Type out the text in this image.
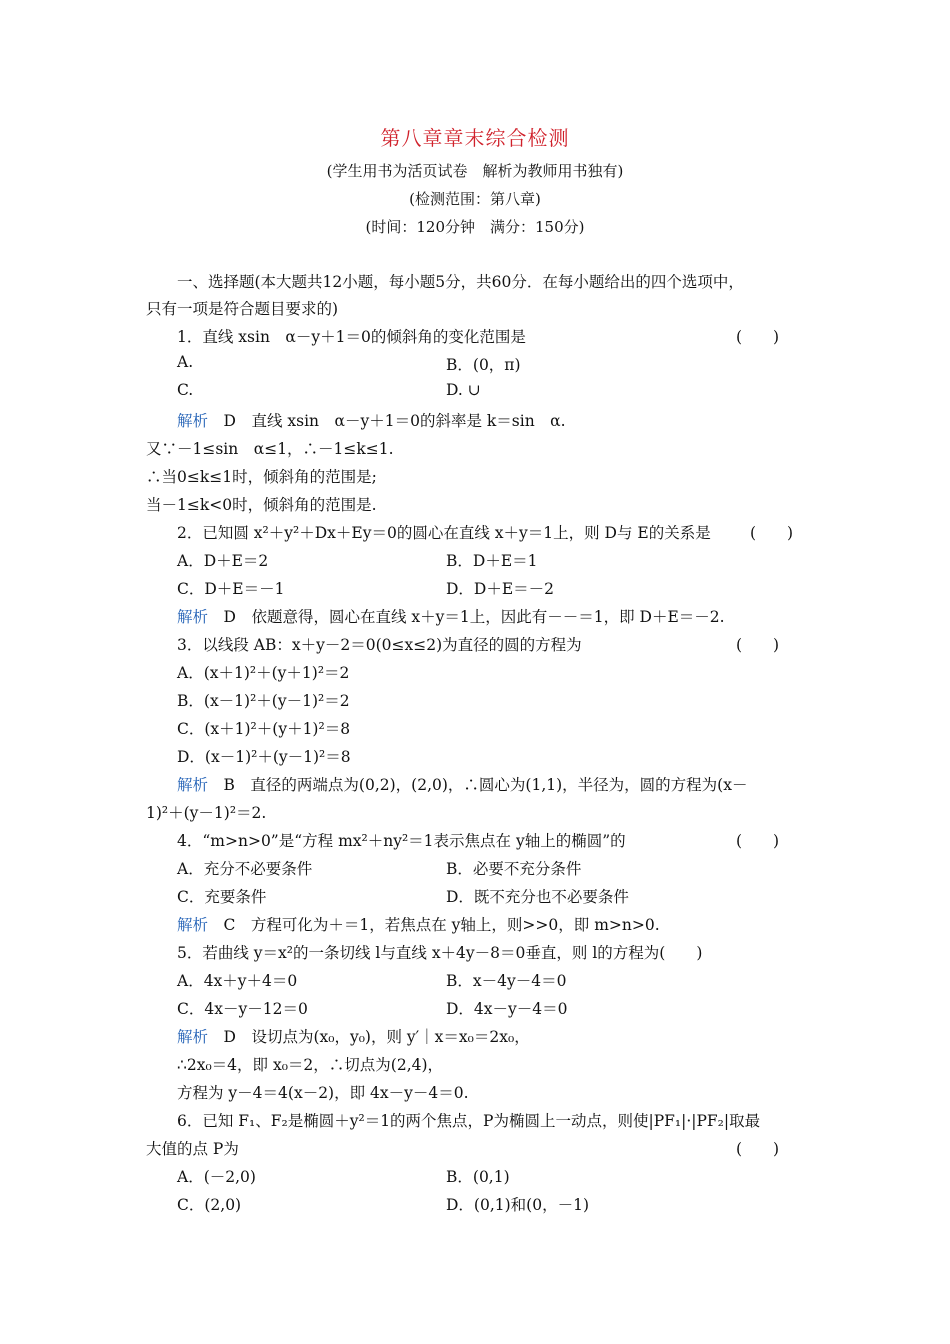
第八章章末综合检测
(学生用书为活页试卷　解析为教师用书独有)
(检测范围：第八章)
(时间：120分钟　满分：150分)
一、选择题(本大题共12小题，每小题5分，共60分．在每小题给出的四个选项中，
只有一项是符合题目要求的)
1．直线 xsin　α－y＋1＝0的倾斜角的变化范围是	(　　)
A.	B．(0，π)
C.	D. ∪
解析　 D　直线 xsin　α－y＋1＝0的斜率是 k＝sin　α.
又∵－1≤sin　α≤1，∴－1≤k≤1.
∴当0≤k≤1时，倾斜角的范围是;
当－1≤k<0时，倾斜角的范围是.
2．已知圆 x²＋y²＋Dx＋Ey＝0的圆心在直线 x＋y＝1上，则 D与 E的关系是	(　　)
A．D＋E＝2	B．D＋E＝1
C．D＋E＝－1	D．D＋E＝－2
解析　 D　依题意得，圆心在直线 x＋y＝1上，因此有－－＝1，即 D＋E＝－2.
3．以线段 AB：x＋y－2＝0(0≤x≤2)为直径的圆的方程为	(　　)
A．(x＋1)²＋(y＋1)²＝2
B．(x－1)²＋(y－1)²＝2
C．(x＋1)²＋(y＋1)²＝8
D．(x－1)²＋(y－1)²＝8
解析　 B　直径的两端点为(0,2)，(2,0)，∴圆心为(1,1)，半径为，圆的方程为(x－
1)²＋(y－1)²＝2.
4．“m>n>0”是“方程 mx²＋ny²＝1表示焦点在 y轴上的椭圆”的	(　　)
A．充分不必要条件	B．必要不充分条件
C．充要条件	D．既不充分也不必要条件
解析　 C　方程可化为＋＝1，若焦点在 y轴上，则>>0，即 m>n>0.
5．若曲线 y＝x²的一条切线 l与直线 x＋4y－8＝0垂直，则 l的方程为(　　)
A．4x＋y＋4＝0	B．x－4y－4＝0
C．4x－y－12＝0	D．4x－y－4＝0
解析　 D　设切点为(x₀，y₀)，则 y′｜x＝x₀＝2x₀，
∴2x₀＝4，即 x₀＝2，∴切点为(2,4)，
方程为 y－4＝4(x－2)，即 4x－y－4＝0.
6．已知 F₁、F₂是椭圆＋y²＝1的两个焦点，P为椭圆上一动点，则使|PF₁|·|PF₂|取最
大值的点 P为	(　　)
A．(－2,0)	B．(0,1)
C．(2,0)	D．(0,1)和(0，－1)
